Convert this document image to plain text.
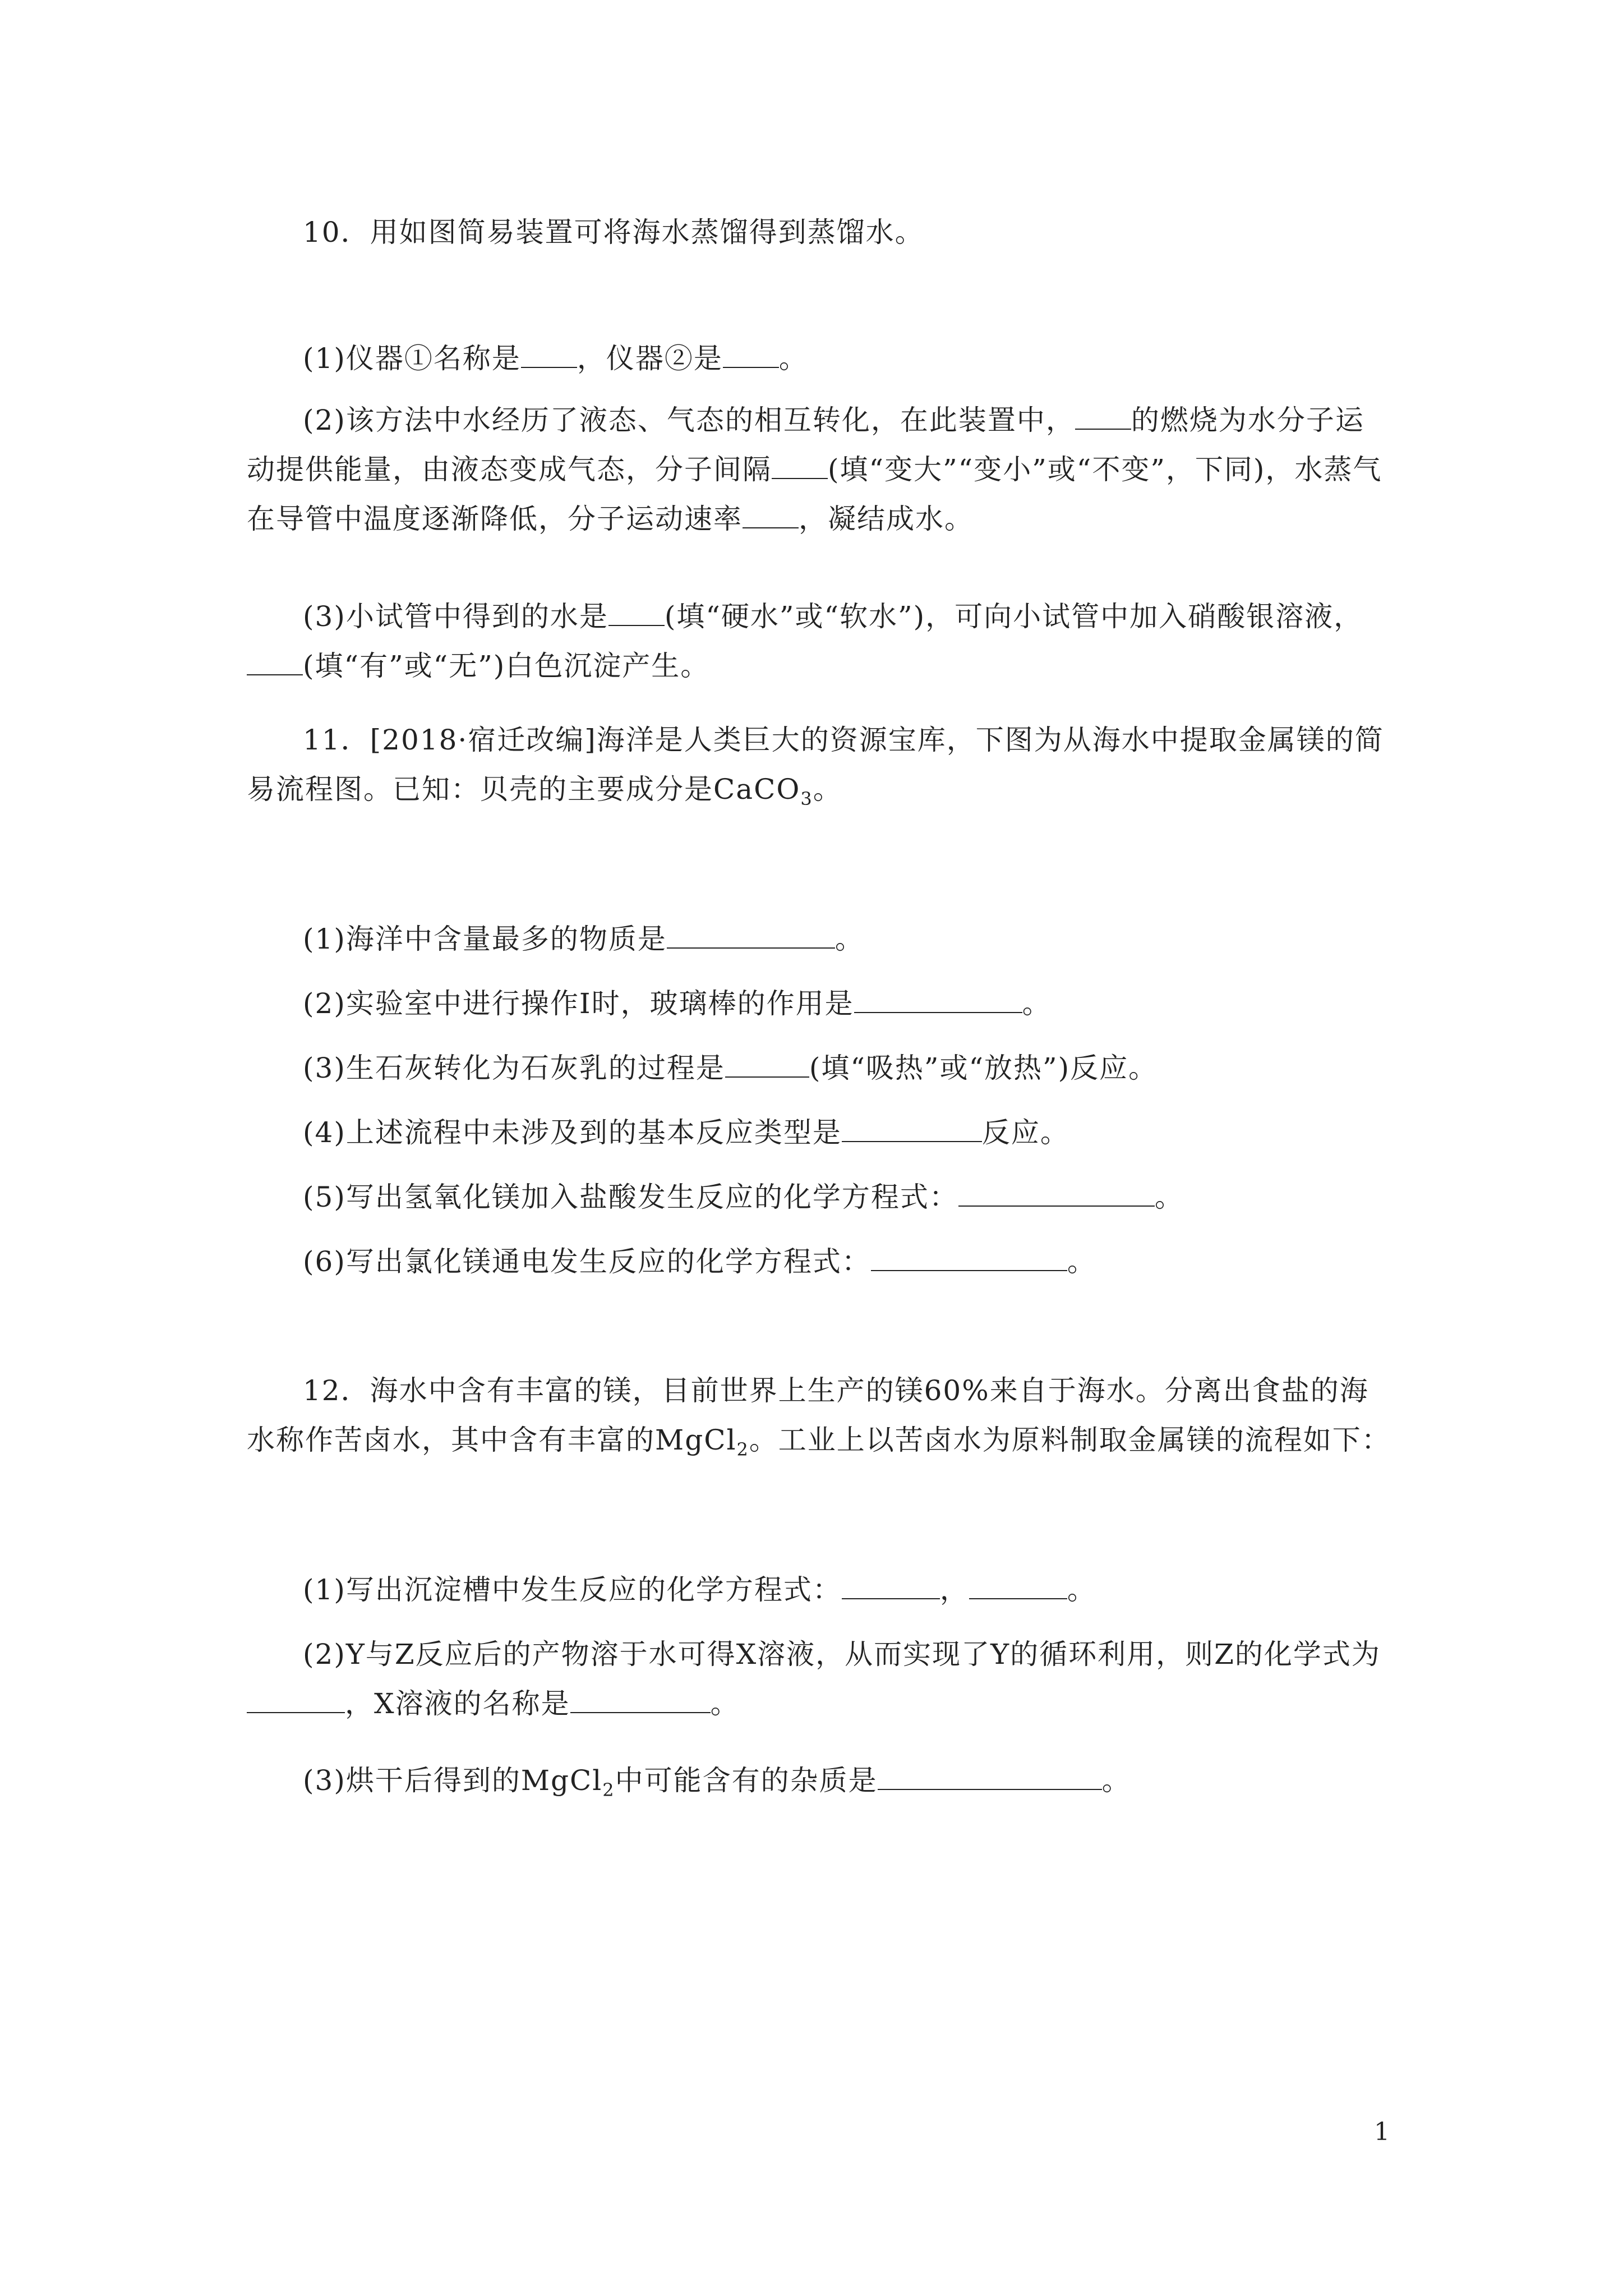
10．用如图简易装置可将海水蒸馏得到蒸馏水。
(1)仪器①名称是 ，仪器②是 。
(2)该方法中水经历了液态、气态的相互转化，在此装置中， 的燃烧为水分子运动提供能量，由液态变成气态，分子间隔 (填“变大”“变小”或“不变”，下同)，水蒸气在导管中温度逐渐降低，分子运动速率 ，凝结成水。
(3)小试管中得到的水是 (填“硬水”或“软水”)，可向小试管中加入硝酸银溶液，(填“有”或“无”)白色沉淀产生。
11．[2018·宿迁改编]海洋是人类巨大的资源宝库，下图为从海水中提取金属镁的简易流程图。已知：贝壳的主要成分是CaCO$_3$。
(1)海洋中含量最多的物质是	。
(2)实验室中进行操作Ⅰ时，玻璃棒的作用是	。
(3)生石灰转化为石灰乳的过程是	(填“吸热”或“放热”)反应。
(4)上述流程中未涉及到的基本反应类型是	反应。
(5)写出氢氧化镁加入盐酸发生反应的化学方程式：	。
(6)写出氯化镁通电发生反应的化学方程式：	。
12．海水中含有丰富的镁，目前世界上生产的镁60%来自于海水。分离出食盐的海水称作苦卤水，其中含有丰富的MgCl$_2$。工业上以苦卤水为原料制取金属镁的流程如下：
(1)写出沉淀槽中发生反应的化学方程式：	，	。
(2)Y与Z反应后的产物溶于水可得X溶液，从而实现了Y的循环利用，则Z的化学式为，X溶液的名称是	。
(3)烘干后得到的MgCl$_2$中可能含有的杂质是	。
1
